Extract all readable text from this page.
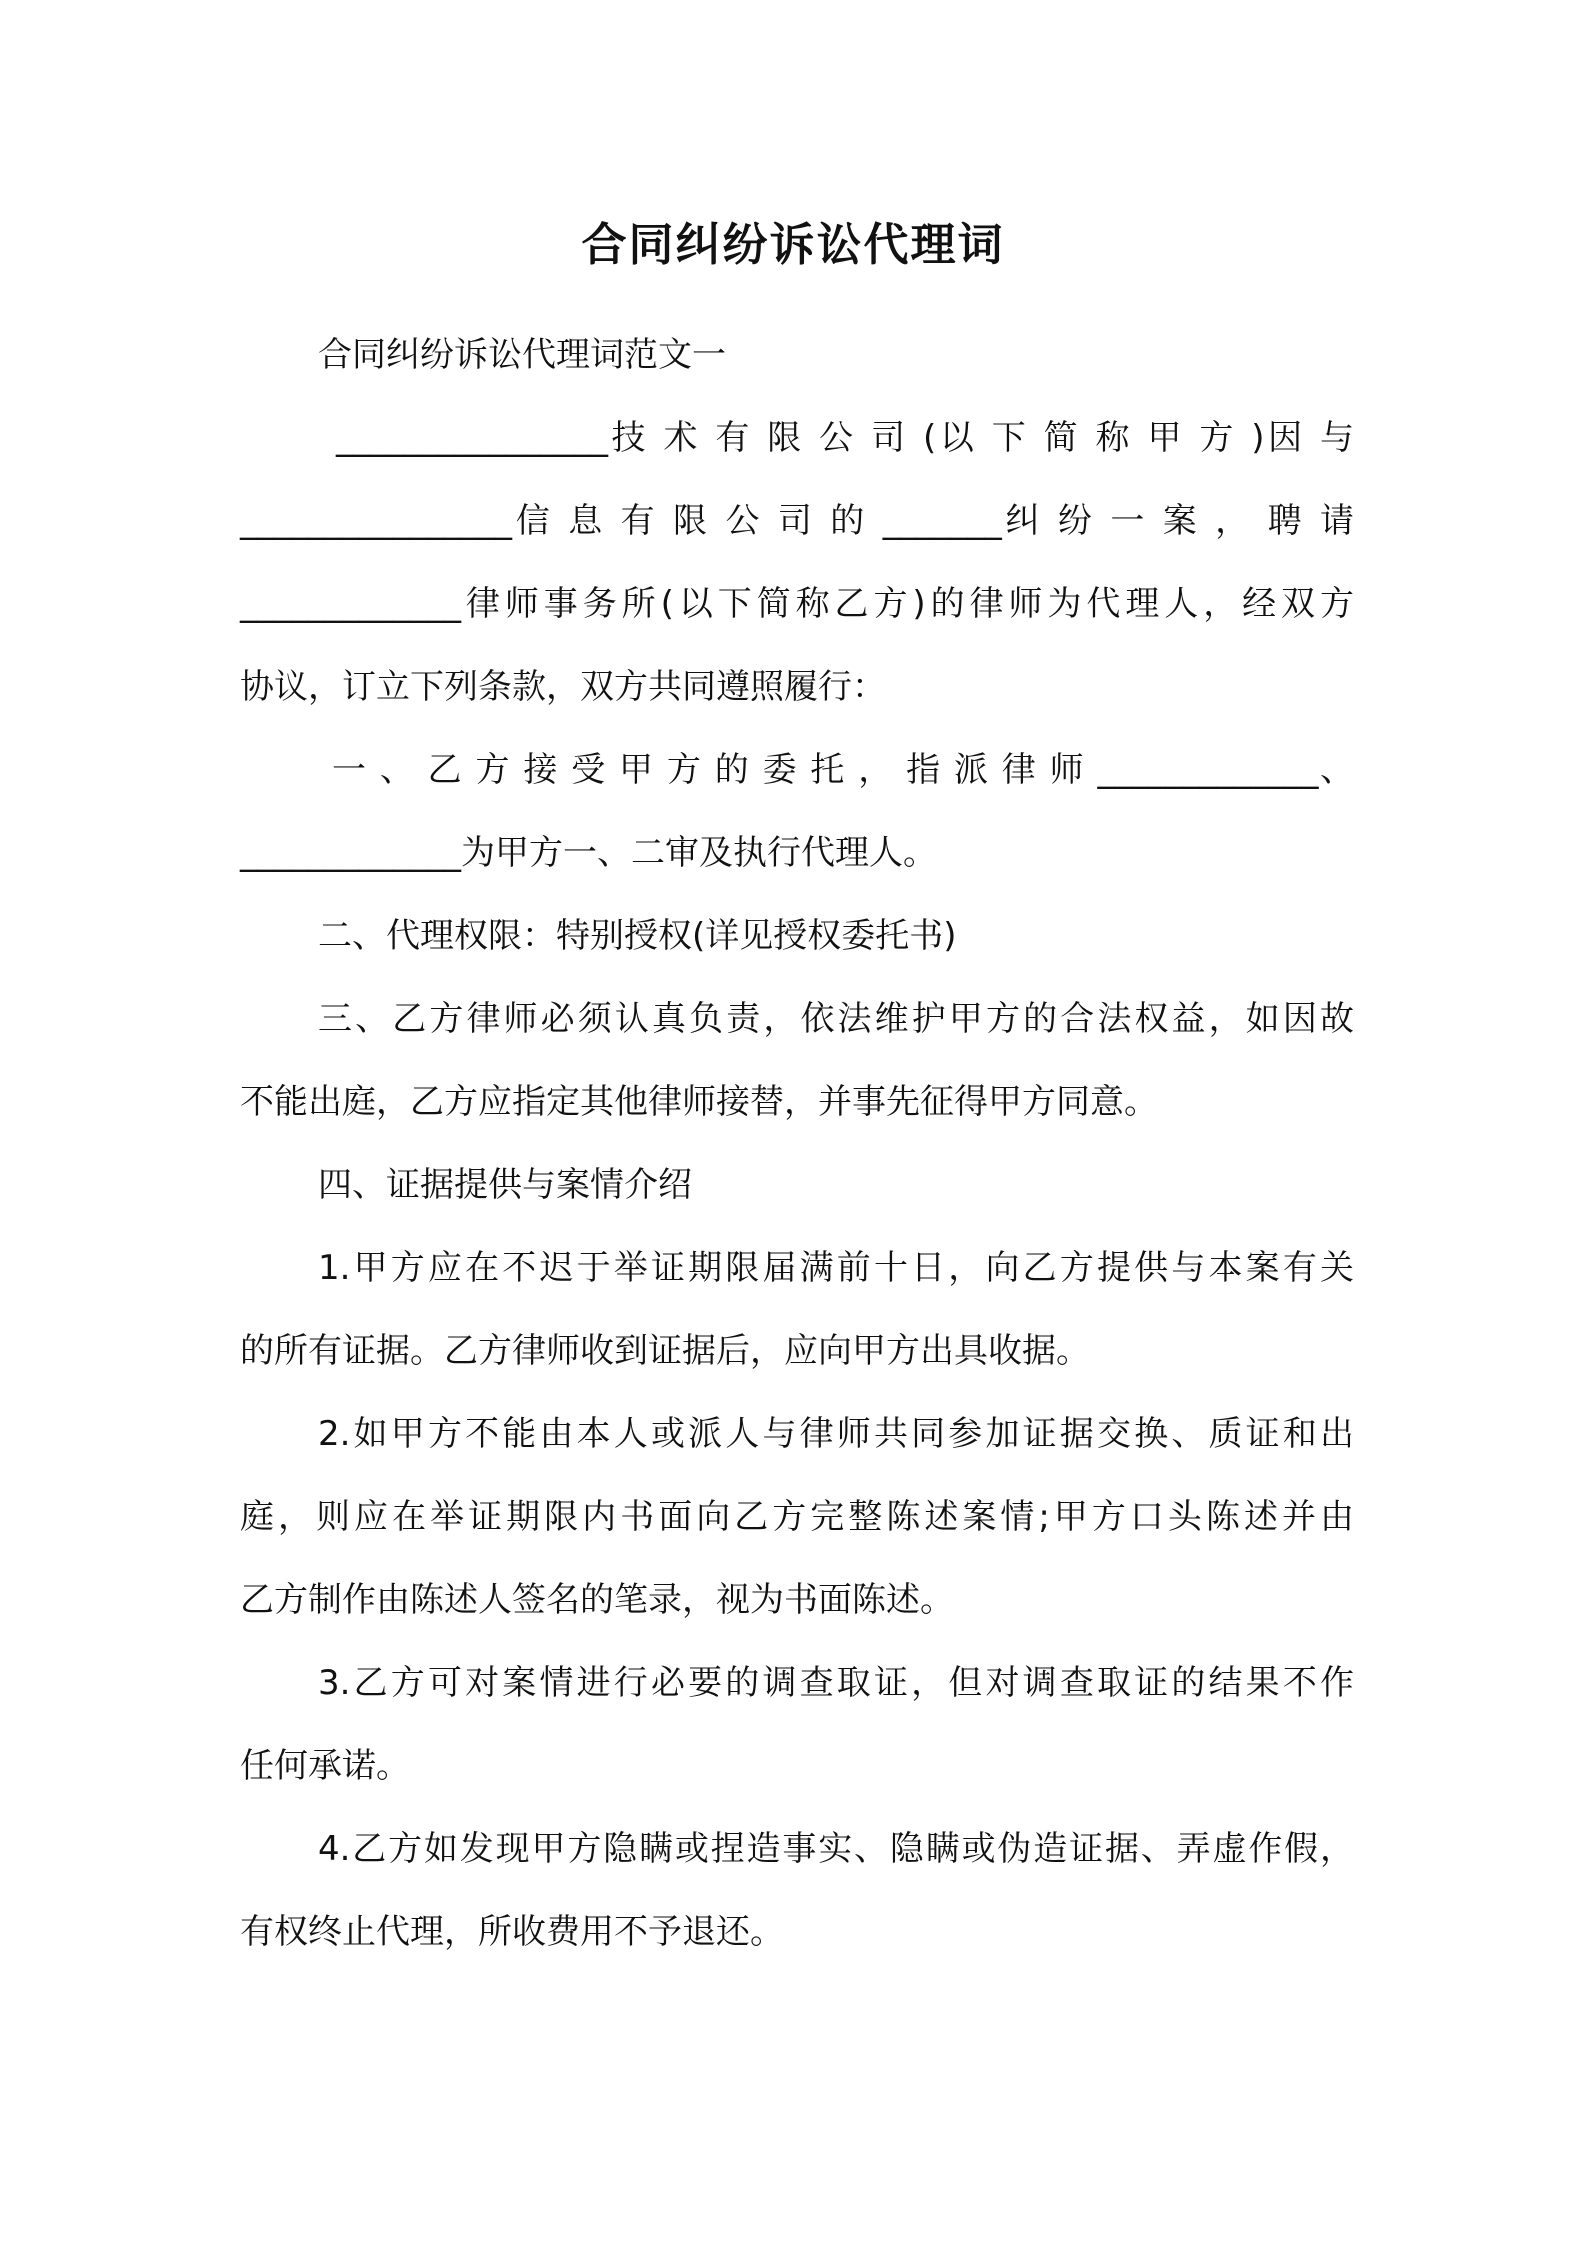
合同纠纷诉讼代理词
合同纠纷诉讼代理词范文一
________________技 术 有 限 公 司 (以 下 简 称 甲 方 )因 与
________________信 息 有 限 公 司 的 _______纠 纷 一 案 ， 聘 请
_____________律师事务所(以下简称乙方)的律师为代理人，经双方
协议，订立下列条款，双方共同遵照履行：
一 、 乙 方 接 受 甲 方 的 委 托 ， 指 派 律 师 _____________、
_____________为甲方一、二审及执行代理人。
二、代理权限：特别授权(详见授权委托书)
三、乙方律师必须认真负责，依法维护甲方的合法权益，如因故
不能出庭，乙方应指定其他律师接替，并事先征得甲方同意。
四、证据提供与案情介绍
1.甲方应在不迟于举证期限届满前十日，向乙方提供与本案有关
的所有证据。乙方律师收到证据后，应向甲方出具收据。
2.如甲方不能由本人或派人与律师共同参加证据交换、质证和出
庭，则应在举证期限内书面向乙方完整陈述案情;甲方口头陈述并由
乙方制作由陈述人签名的笔录，视为书面陈述。
3.乙方可对案情进行必要的调查取证，但对调查取证的结果不作
任何承诺。
4.乙方如发现甲方隐瞒或捏造事实、隐瞒或伪造证据、弄虚作假，
有权终止代理，所收费用不予退还。
